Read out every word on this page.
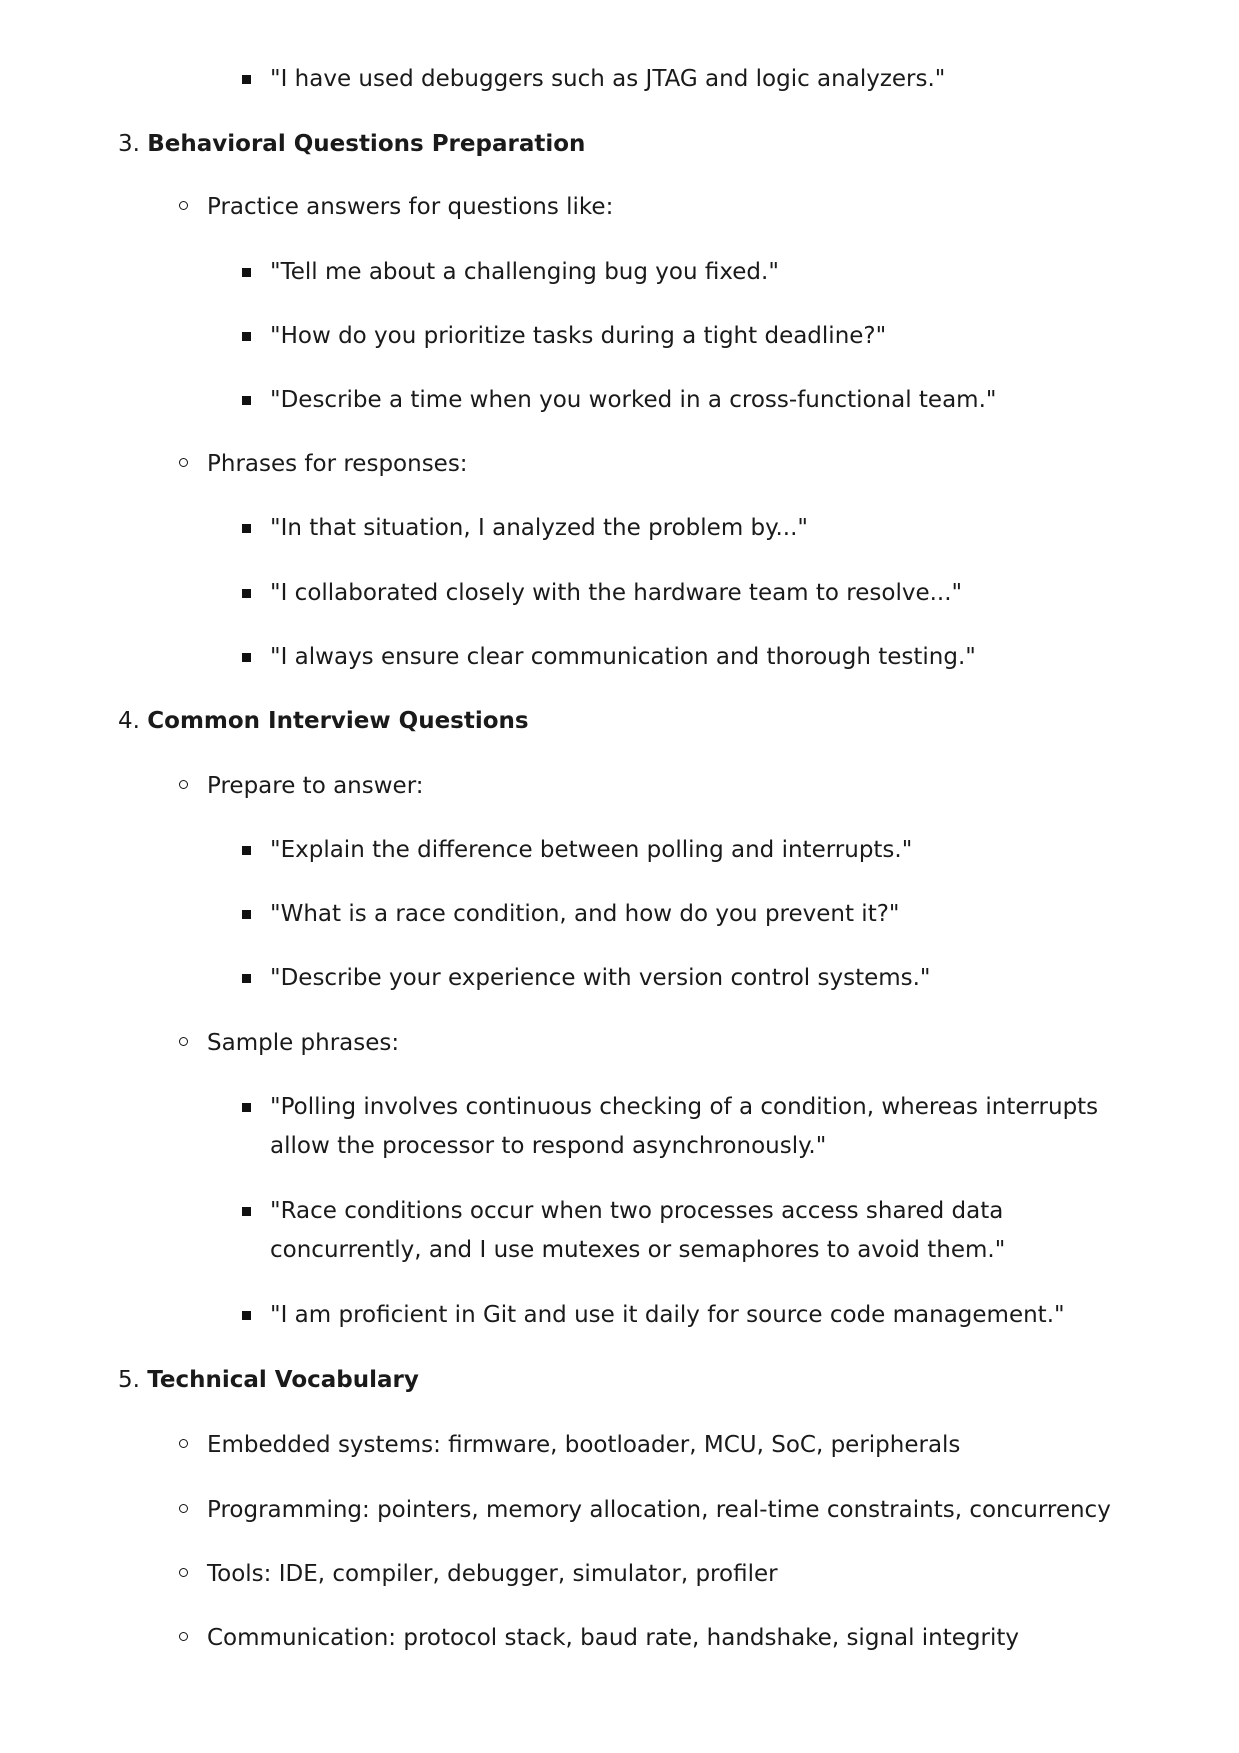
"I have used debuggers such as JTAG and logic analyzers."
3. Behavioral Questions Preparation
Practice answers for questions like:
"Tell me about a challenging bug you fixed."
"How do you prioritize tasks during a tight deadline?"
"Describe a time when you worked in a cross-functional team."
Phrases for responses:
"In that situation, I analyzed the problem by..."
"I collaborated closely with the hardware team to resolve..."
"I always ensure clear communication and thorough testing."
4. Common Interview Questions
Prepare to answer:
"Explain the difference between polling and interrupts."
"What is a race condition, and how do you prevent it?"
"Describe your experience with version control systems."
Sample phrases:
"Polling involves continuous checking of a condition, whereas interrupts allow the processor to respond asynchronously."
"Race conditions occur when two processes access shared data concurrently, and I use mutexes or semaphores to avoid them."
"I am proficient in Git and use it daily for source code management."
5. Technical Vocabulary
Embedded systems: firmware, bootloader, MCU, SoC, peripherals
Programming: pointers, memory allocation, real-time constraints, concurrency
Tools: IDE, compiler, debugger, simulator, profiler
Communication: protocol stack, baud rate, handshake, signal integrity
